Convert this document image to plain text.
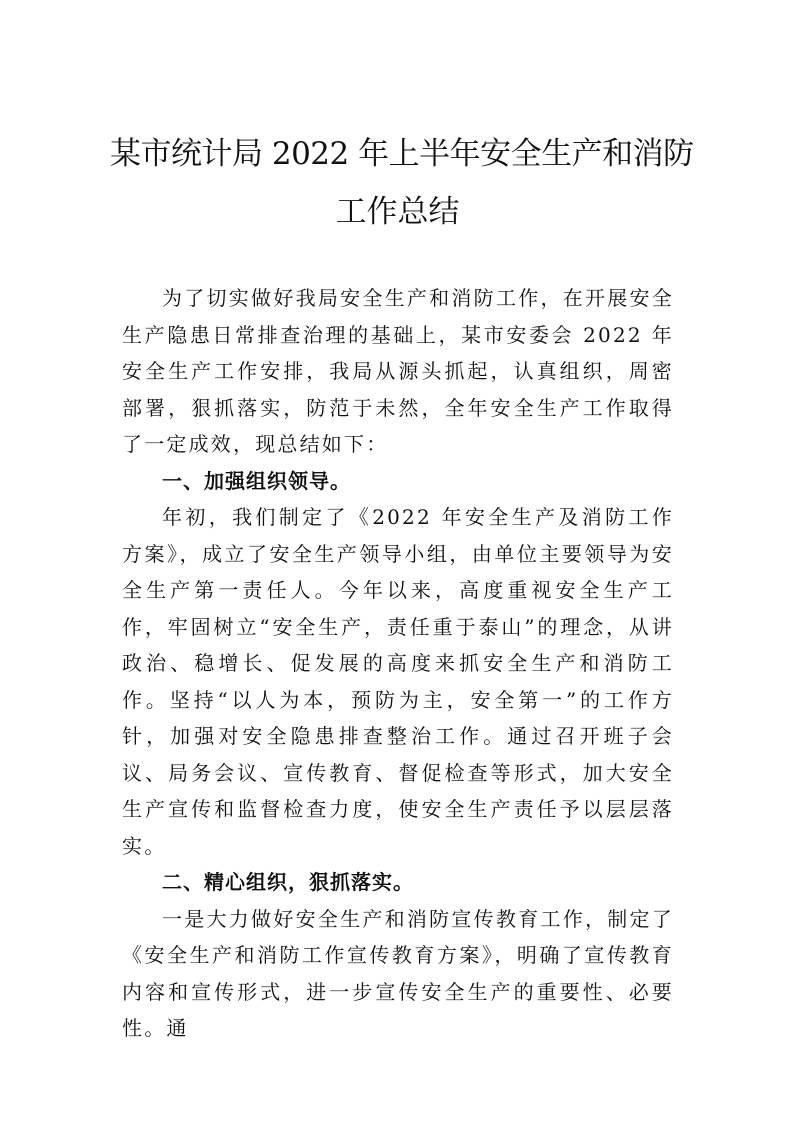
某市统计局 2022 年上半年安全生产和消防
工作总结

为了切实做好我局安全生产和消防工作，在开展安全生产隐患日常排查治理的基础上，某市安委会 2022 年安全生产工作安排，我局从源头抓起，认真组织，周密部署，狠抓落实，防范于未然，全年安全生产工作取得了一定成效，现总结如下：

一、加强组织领导。

年初，我们制定了《2022 年安全生产及消防工作方案》，成立了安全生产领导小组，由单位主要领导为安全生产第一责任人。今年以来，高度重视安全生产工作，牢固树立“安全生产，责任重于泰山”的理念，从讲政治、稳增长、促发展的高度来抓安全生产和消防工作。坚持“以人为本，预防为主，安全第一”的工作方针，加强对安全隐患排查整治工作。通过召开班子会议、局务会议、宣传教育、督促检查等形式，加大安全生产宣传和监督检查力度，使安全生产责任予以层层落实。

二、精心组织，狠抓落实。

一是大力做好安全生产和消防宣传教育工作，制定了《安全生产和消防工作宣传教育方案》，明确了宣传教育内容和宣传形式，进一步宣传安全生产的重要性、必要性。通
